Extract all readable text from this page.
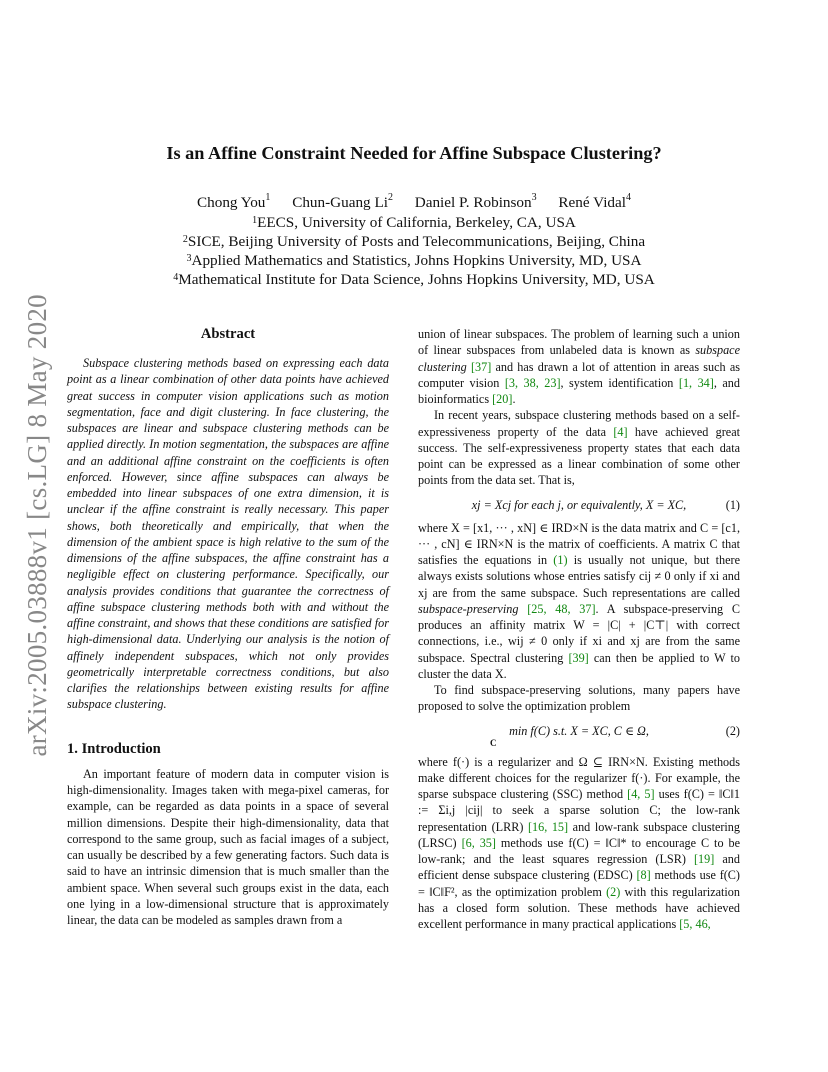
arXiv:2005.03888v1 [cs.LG] 8 May 2020
Is an Affine Constraint Needed for Affine Subspace Clustering?
Chong You$^1$ Chun-Guang Li$^2$ Daniel P. Robinson$^3$ René Vidal$^4$
$^1$EECS, University of California, Berkeley, CA, USA
$^2$SICE, Beijing University of Posts and Telecommunications, Beijing, China
$^3$Applied Mathematics and Statistics, Johns Hopkins University, MD, USA
$^4$Mathematical Institute for Data Science, Johns Hopkins University, MD, USA
Abstract

Subspace clustering methods based on expressing each data point as a linear combination of other data points have achieved great success in computer vision applications such as motion segmentation, face and digit clustering. In face clustering, the subspaces are linear and subspace clustering methods can be applied directly. In motion segmentation, the subspaces are affine and an additional affine constraint on the coefficients is often enforced. However, since affine subspaces can always be embedded into linear subspaces of one extra dimension, it is unclear if the affine constraint is really necessary. This paper shows, both theoretically and empirically, that when the dimension of the ambient space is high relative to the sum of the dimensions of the affine subspaces, the affine constraint has a negligible effect on clustering performance. Specifically, our analysis provides conditions that guarantee the correctness of affine subspace clustering methods both with and without the affine constraint, and shows that these conditions are satisfied for high-dimensional data. Underlying our analysis is the notion of affinely independent subspaces, which not only provides geometrically interpretable correctness conditions, but also clarifies the relationships between existing results for affine subspace clustering.

1. Introduction

An important feature of modern data in computer vision is high-dimensionality. Images taken with mega-pixel cameras, for example, can be regarded as data points in a space of several million dimensions. Despite their high-dimensionality, data that correspond to the same group, such as facial images of a subject, can usually be described by a few generating factors. Such data is said to have an intrinsic dimension that is much smaller than the ambient space. When several such groups exist in the data, each one lying in a low-dimensional structure that is approximately linear, the data can be modeled as samples drawn from a

union of linear subspaces. The problem of learning such a union of linear subspaces from unlabeled data is known as subspace clustering [37] and has drawn a lot of attention in areas such as computer vision [3, 38, 23], system identification [1, 34], and bioinformatics [20].

In recent years, subspace clustering methods based on a self-expressiveness property of the data [4] have achieved great success. The self-expressiveness property states that each data point can be expressed as a linear combination of some other points from the data set. That is,

xj = Xcj for each j, or equivalently, X = XC,	(1)

where X = [x1, ··· , xN] ∈ IRD×N is the data matrix and C = [c1, ··· , cN] ∈ IRN×N is the matrix of coefficients. A matrix C that satisfies the equations in (1) is usually not unique, but there always exists solutions whose entries satisfy cij ≠ 0 only if xi and xj are from the same subspace. Such representations are called subspace-preserving [25, 48, 37]. A subspace-preserving C produces an affinity matrix W = |C| + |C⊤| with correct connections, i.e., wij ≠ 0 only if xi and xj are from the same subspace. Spectral clustering [39] can then be applied to W to cluster the data X.

To find subspace-preserving solutions, many papers have proposed to solve the optimization problem

min f(C) s.t. X = XC, C ∈ Ω,
C
(2)

where f(·) is a regularizer and Ω ⊆ IRN×N. Existing methods make different choices for the regularizer f(·). For example, the sparse subspace clustering (SSC) method [4, 5] uses f(C) = ‖C‖1 := Σi,j |cij| to seek a sparse solution C; the low-rank representation (LRR) [16, 15] and low-rank subspace clustering (LRSC) [6, 35] methods use f(C) = ‖C‖* to encourage C to be low-rank; and the least squares regression (LSR) [19] and efficient dense subspace clustering (EDSC) [8] methods use f(C) = ‖C‖F², as the optimization problem (2) with this regularization has a closed form solution. These methods have achieved excellent performance in many practical applications [5, 46,
